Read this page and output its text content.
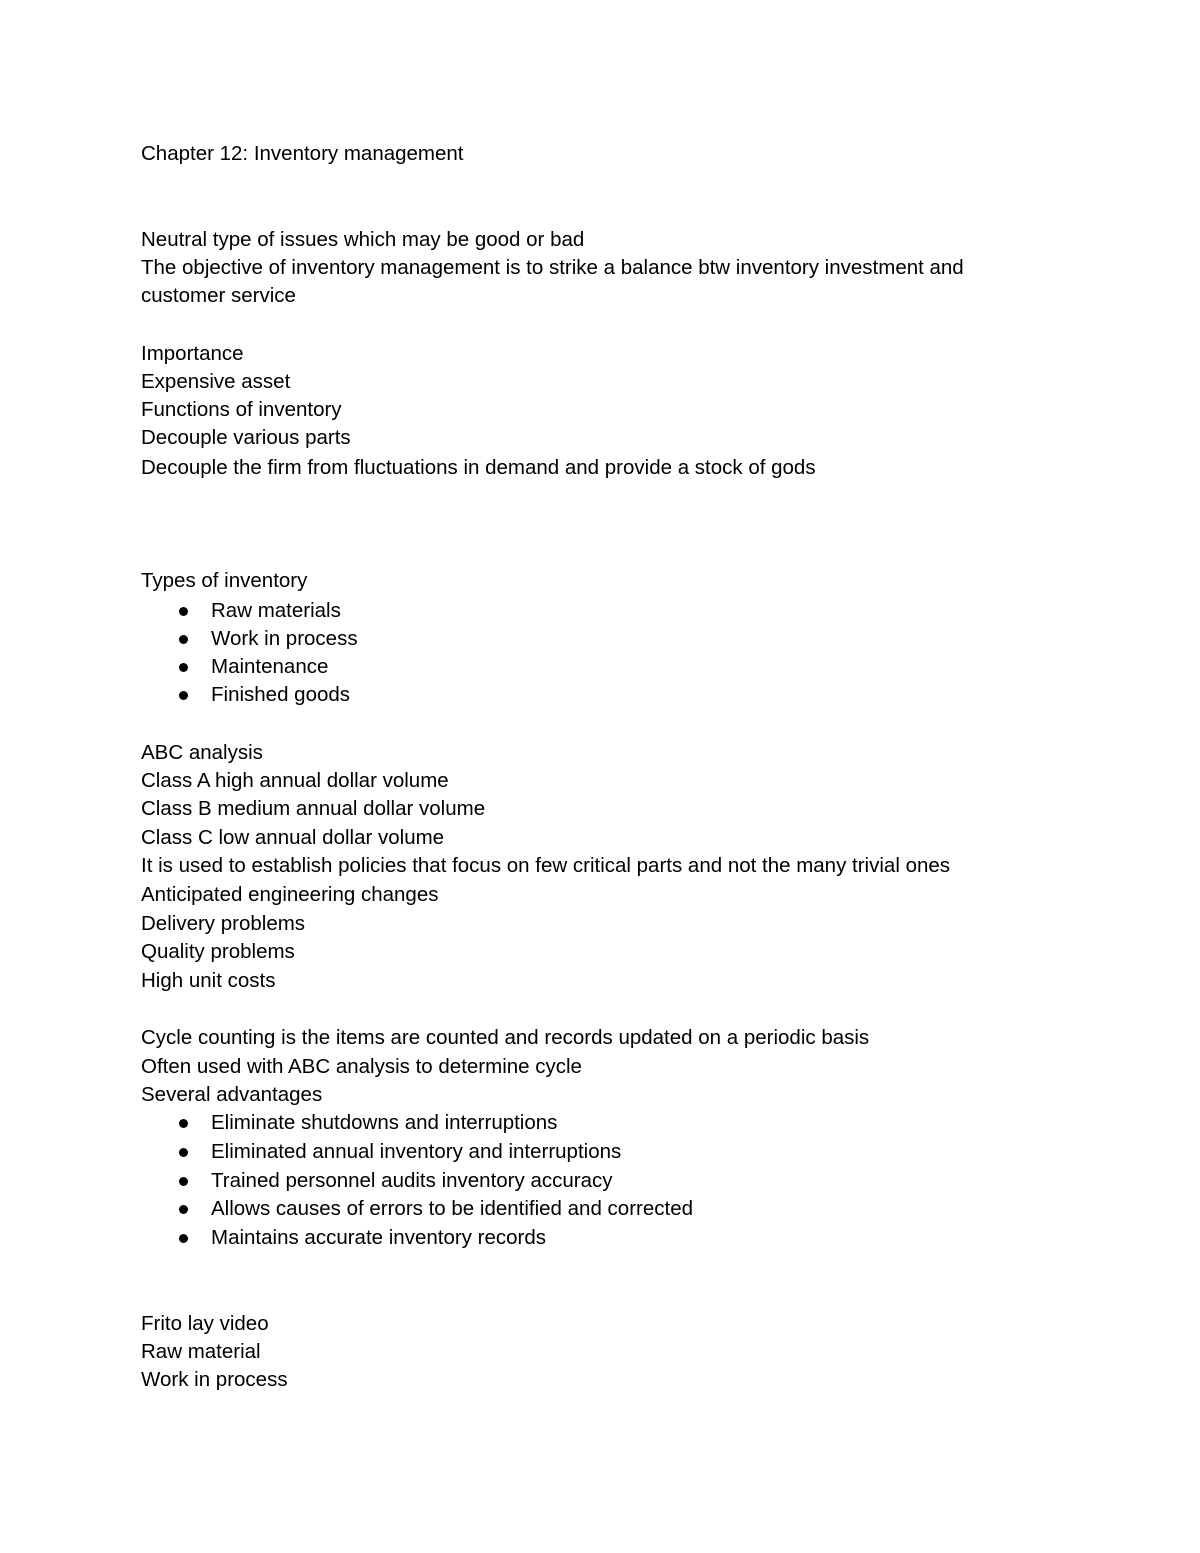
Chapter 12: Inventory management
Neutral type of issues which may be good or bad
The objective of inventory management is to strike a balance btw inventory investment and
customer service
Importance
Expensive asset
Functions of inventory
Decouple various parts
Decouple the firm from fluctuations in demand and provide a stock of gods
Types of inventory
Raw materials
Work in process
Maintenance
Finished goods
ABC analysis
Class A high annual dollar volume
Class B medium annual dollar volume
Class C low annual dollar volume
It is used to establish policies that focus on few critical parts and not the many trivial ones
Anticipated engineering changes
Delivery problems
Quality problems
High unit costs
Cycle counting is the items are counted and records updated on a periodic basis
Often used with ABC analysis to determine cycle
Several advantages
Eliminate shutdowns and interruptions
Eliminated annual inventory and interruptions
Trained personnel audits inventory accuracy
Allows causes of errors to be identified and corrected
Maintains accurate inventory records
Frito lay video
Raw material
Work in process
